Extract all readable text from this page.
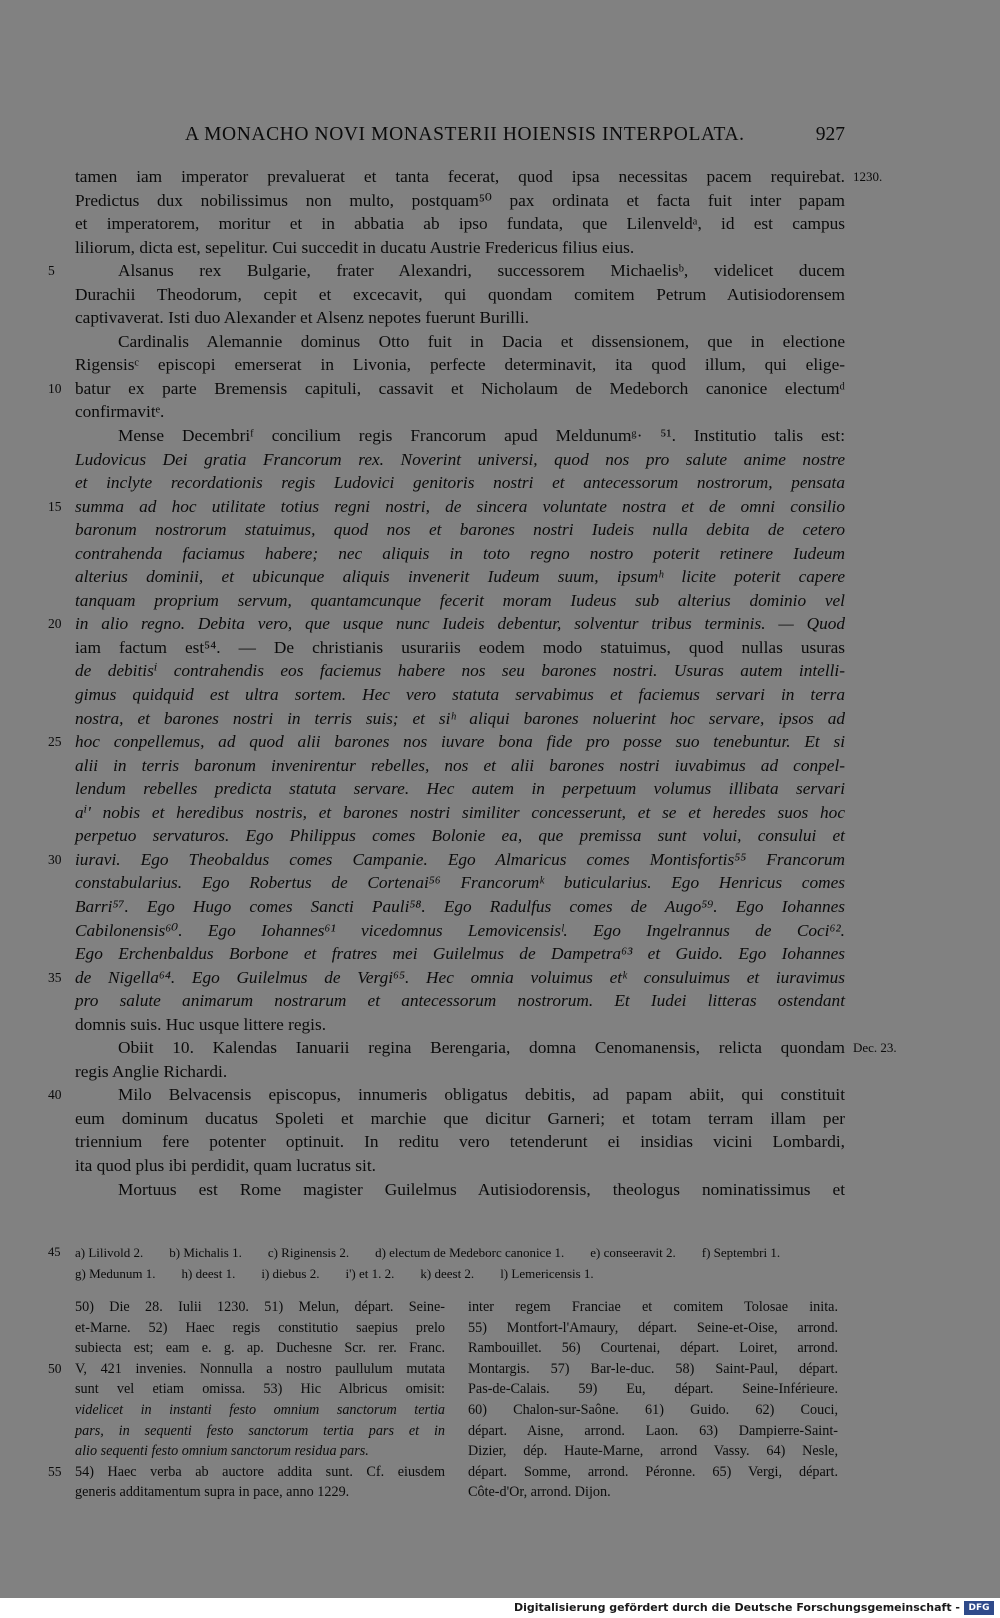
A MONACHO NOVI MONASTERII HOIENSIS INTERPOLATA.	927
tamen iam imperator prevaluerat et tanta fecerat, quod ipsa necessitas pacem requirebat. 1230.
Predictus dux nobilissimus non multo, postquam⁵⁰ pax ordinata et facta fuit inter papam
et imperatorem, moritur et in abbatia ab ipso fundata, que Lilenveldᵃ, id est campus
liliorum, dicta est, sepelitur. Cui succedit in ducatu Austrie Fredericus filius eius.
Alsanus rex Bulgarie, frater Alexandri, successorem Michaelisᵇ, videlicet ducem
5
Durachii Theodorum, cepit et excecavit, qui quondam comitem Petrum Autisiodorensem
captivaverat. Isti duo Alexander et Alsenz nepotes fuerunt Burilli.
Cardinalis Alemannie dominus Otto fuit in Dacia et dissensionem, que in electione
Rigensisᶜ episcopi emerserat in Livonia, perfecte determinavit, ita quod illum, qui elige-
batur ex parte Bremensis capituli, cassavit et Nicholaum de Medeborch canonice electumᵈ
10
confirmavitᵉ.
Mense Decembriᶠ concilium regis Francorum apud Meldunumᵍ· ⁵¹. Institutio talis est:
Ludovicus Dei gratia Francorum rex. Noverint universi, quod nos pro salute anime nostre
et inclyte recordationis regis Ludovici genitoris nostri et antecessorum nostrorum, pensata
summa ad hoc utilitate totius regni nostri, de sincera voluntate nostra et de omni consilio
15
baronum nostrorum statuimus, quod nos et barones nostri Iudeis nulla debita de cetero
contrahenda faciamus habere; nec aliquis in toto regno nostro poterit retinere Iudeum
alterius dominii, et ubicunque aliquis invenerit Iudeum suum, ipsumʰ licite poterit capere
tanquam proprium servum, quantamcunque fecerit moram Iudeus sub alterius dominio vel
in alio regno. Debita vero, que usque nunc Iudeis debentur, solventur tribus terminis. — Quod
20
iam factum est⁵⁴. — De christianis usurariis eodem modo statuimus, quod nullas usuras
de debitisⁱ contrahendis eos faciemus habere nos seu barones nostri. Usuras autem intelli-
gimus quidquid est ultra sortem. Hec vero statuta servabimus et faciemus servari in terra
nostra, et barones nostri in terris suis; et siʰ aliqui barones noluerint hoc servare, ipsos ad
hoc conpellemus, ad quod alii barones nos iuvare bona fide pro posse suo tenebuntur. Et si
25
alii in terris baronum invenirentur rebelles, nos et alii barones nostri iuvabimus ad conpel-
lendum rebelles predicta statuta servare. Hec autem in perpetuum volumus illibata servari
aⁱ' nobis et heredibus nostris, et barones nostri similiter concesserunt, et se et heredes suos hoc
perpetuo servaturos. Ego Philippus comes Bolonie ea, que premissa sunt volui, consului et
iuravi. Ego Theobaldus comes Campanie. Ego Almaricus comes Montisfortis⁵⁵ Francorum
30
constabularius. Ego Robertus de Cortenai⁵⁶ Francorumᵏ buticularius. Ego Henricus comes
Barri⁵⁷. Ego Hugo comes Sancti Pauli⁵⁸. Ego Radulfus comes de Augo⁵⁹. Ego Iohannes
Cabilonensis⁶⁰. Ego Iohannes⁶¹ vicedomnus Lemovicensisˡ. Ego Ingelrannus de Coci⁶².
Ego Erchenbaldus Borbone et fratres mei Guilelmus de Dampetra⁶³ et Guido. Ego Iohannes
de Nigella⁶⁴. Ego Guilelmus de Vergi⁶⁵. Hec omnia voluimus etᵏ consuluimus et iuravimus
35
pro salute animarum nostrarum et antecessorum nostrorum. Et Iudei litteras ostendant
domnis suis. Huc usque littere regis.
Obiit 10. Kalendas Ianuarii regina Berengaria, domna Cenomanensis, relicta quondam Dec. 23.
regis Anglie Richardi.
Milo Belvacensis episcopus, innumeris obligatus debitis, ad papam abiit, qui constituit
40
eum dominum ducatus Spoleti et marchie que dicitur Garneri; et totam terram illam per
triennium fere potenter optinuit. In reditu vero tetenderunt ei insidias vicini Lombardi,
ita quod plus ibi perdidit, quam lucratus sit.
Mortuus est Rome magister Guilelmus Autisiodorensis, theologus nominatissimus et
45 a) Lilivold 2. b) Michalis 1. c) Riginensis 2. d) electum de Medeborc canonice 1. e) conseeravit 2. f) Septembri 1.
g) Medunum 1. h) deest 1. i) diebus 2. i') et 1. 2. k) deest 2. l) Lemericensis 1.
50) Die 28. Iulii 1230. 51) Melun, départ. Seine-
et-Marne. 52) Haec regis constitutio saepius prelo
subiecta est; eam e. g. ap. Duchesne Scr. rer. Franc.
V, 421 invenies. Nonnulla a nostro paullulum mutata
50
sunt vel etiam omissa. 53) Hic Albricus omisit:
videlicet in instanti festo omnium sanctorum tertia
pars, in sequenti festo sanctorum tertia pars et in
alio sequenti festo omnium sanctorum residua pars.
54) Haec verba ab auctore addita sunt. Cf. eiusdem
55
generis additamentum supra in pace, anno 1229.
inter regem Franciae et comitem Tolosae inita.
55) Montfort-l'Amaury, départ. Seine-et-Oise, arrond.
Rambouillet. 56) Courtenai, départ. Loiret, arrond.
Montargis. 57) Bar-le-duc. 58) Saint-Paul, départ.
Pas-de-Calais. 59) Eu, départ. Seine-Inférieure.
60) Chalon-sur-Saône. 61) Guido. 62) Couci,
départ. Aisne, arrond. Laon. 63) Dampierre-Saint-
Dizier, dép. Haute-Marne, arrond Vassy. 64) Nesle,
départ. Somme, arrond. Péronne. 65) Vergi, départ.
Côte-d'Or, arrond. Dijon.
Digitalisierung gefördert durch die Deutsche Forschungsgemeinschaft - DFG
